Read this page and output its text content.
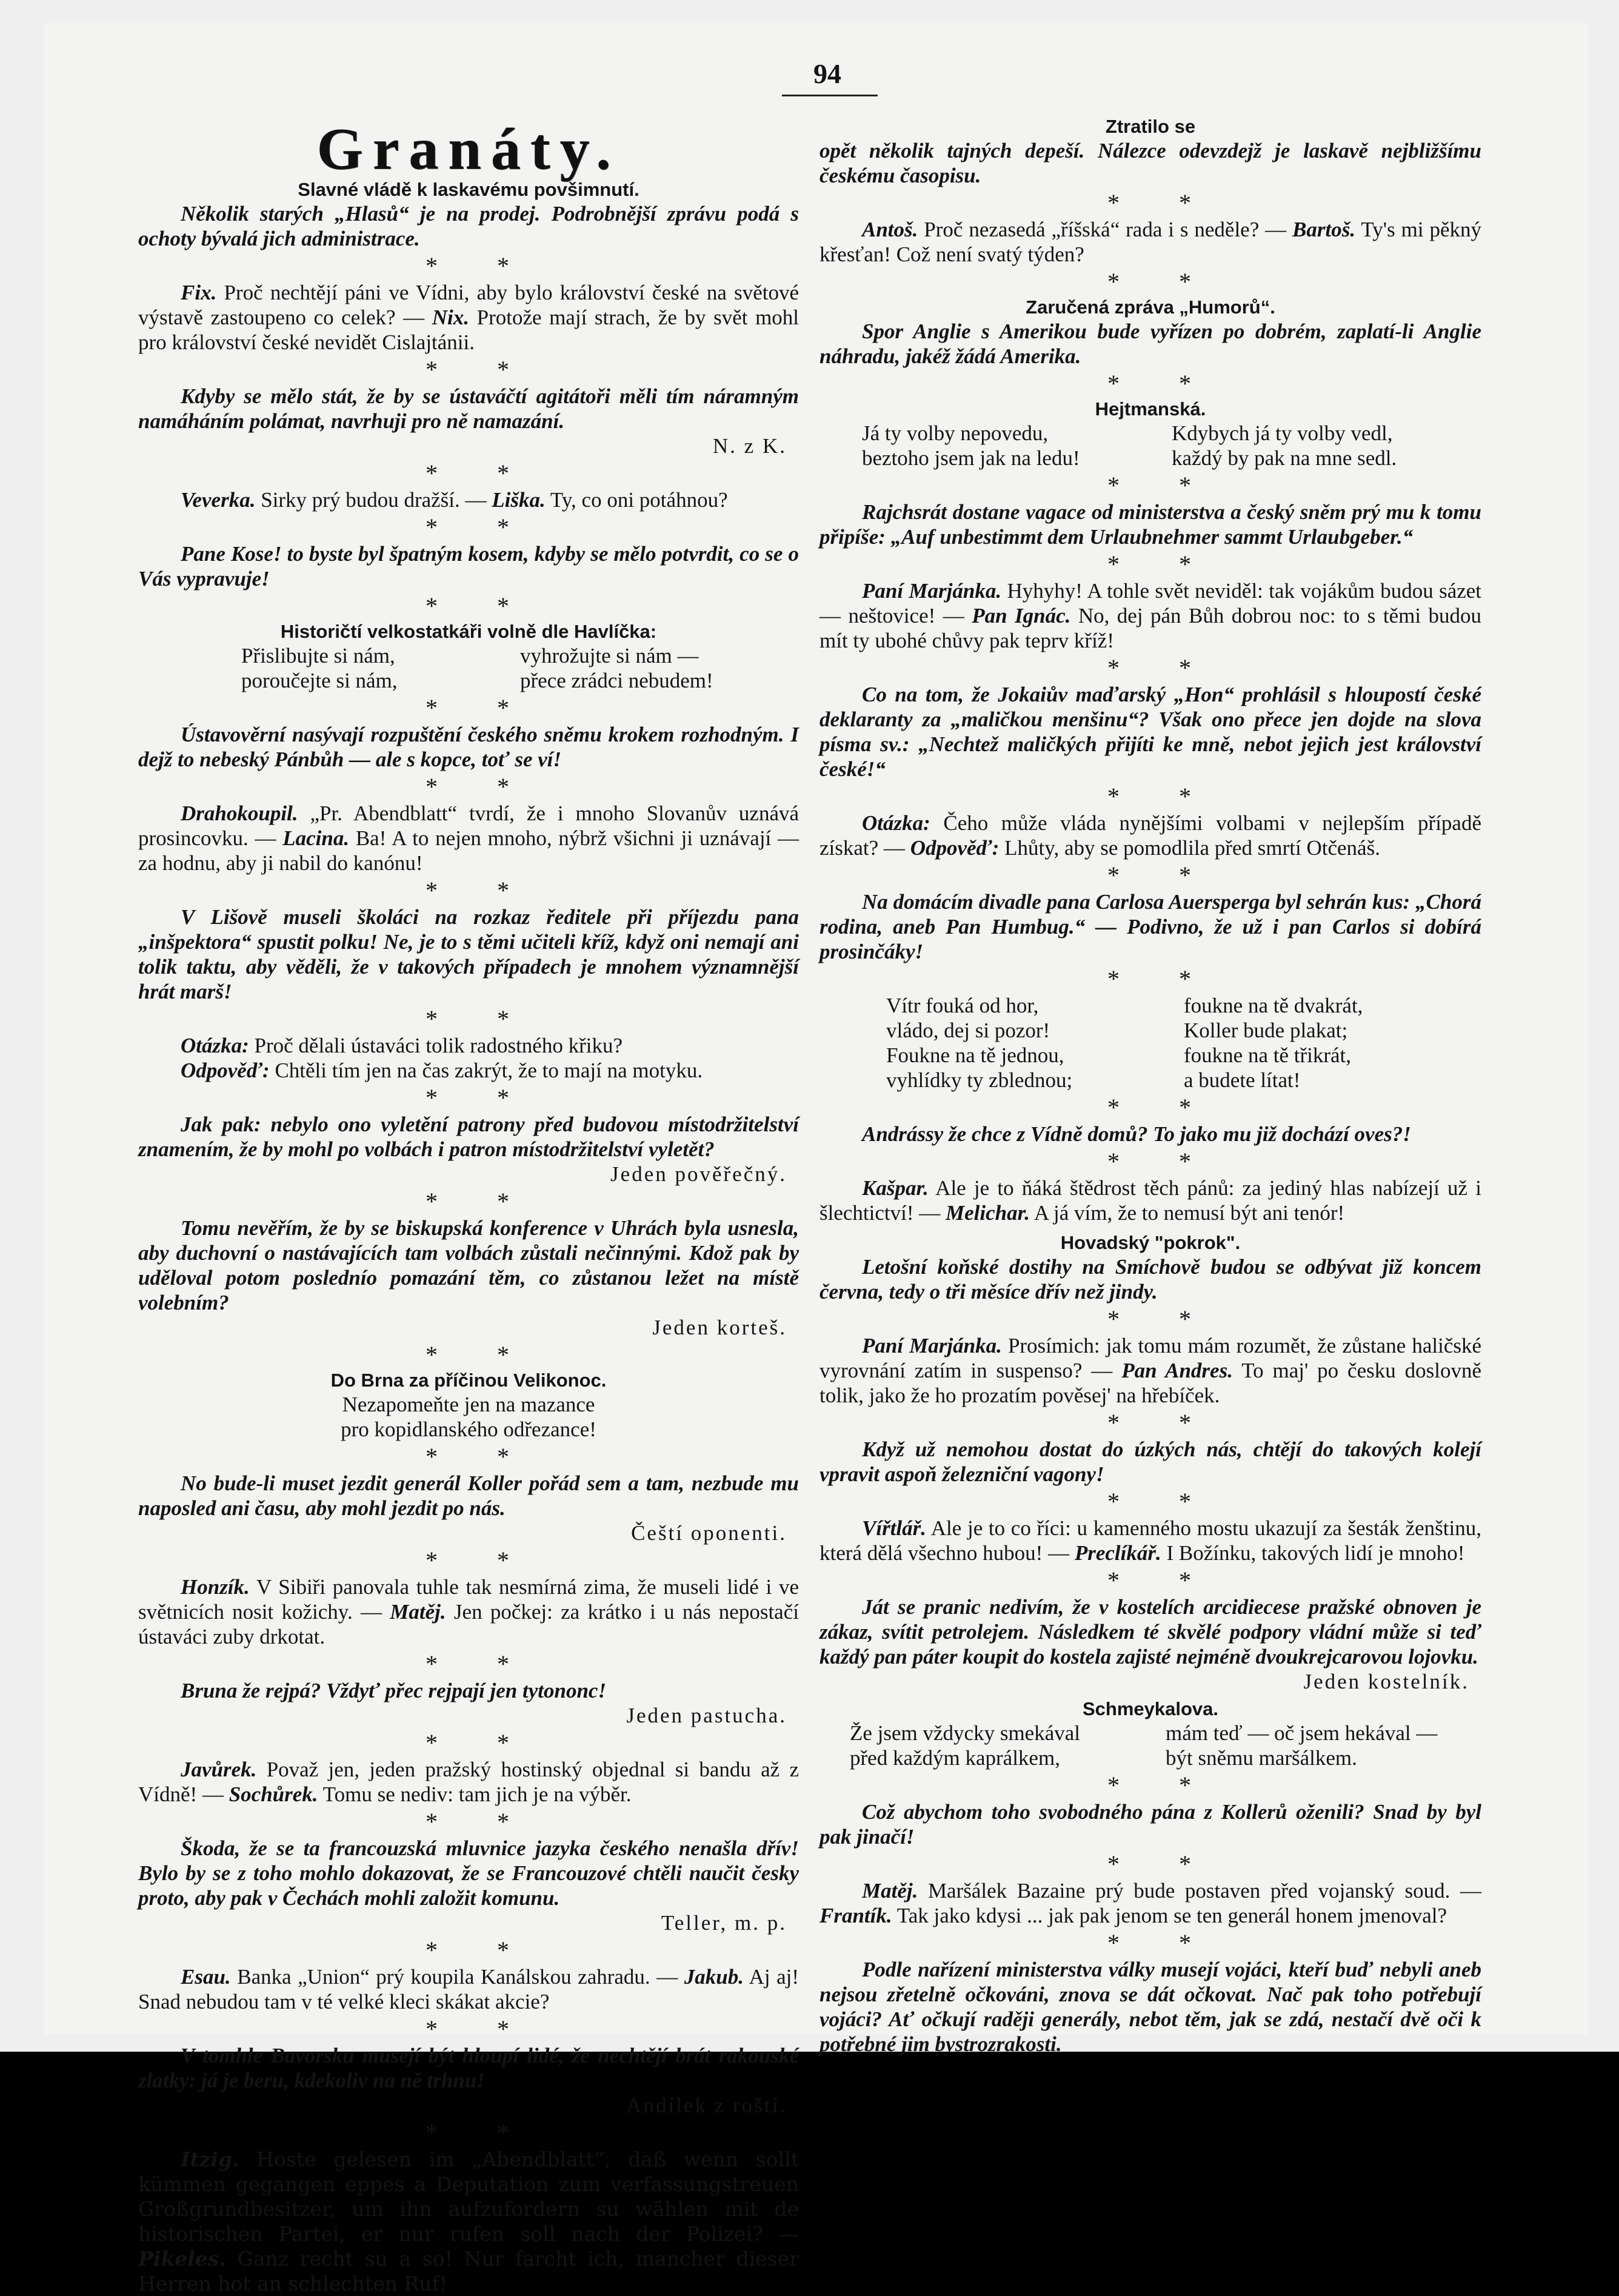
94
Granáty.

Slavné vládě k laskavému povšimnutí.

Několik starých „Hlasů“ je na prodej. Podrobnější zprávu podá s ochoty bývalá jich administrace.

* *

Fix. Proč nechtějí páni ve Vídni, aby bylo království české na světové výstavě zastoupeno co celek? — Nix. Protože mají strach, že by svět mohl pro království české nevidět Cislajtánii.

* *

Kdyby se mělo stát, že by se ústaváčtí agitátoři měli tím náramným namáháním polámat, navrhuji pro ně namazání.

N. z K.

* *

Veverka. Sirky prý budou dražší. — Liška. Ty, co oni potáhnou?

* *

Pane Kose! to byste byl špatným kosem, kdyby se mělo potvrdit, co se o Vás vypravuje!

* *

Historičtí velkostatkáři volně dle Havlíčka:

Přislibujte si nám,

poroučejte si nám,

vyhrožujte si nám —

přece zrádci nebudem!

* *

Ústavověrní nasývají rozpuštění českého sněmu krokem rozhodným. I dejž to nebeský Pánbůh — ale s kopce, toť se ví!

* *

Drahokoupil. „Pr. Abendblatt“ tvrdí, že i mnoho Slovanův uznává prosincovku. — Lacina. Ba! A to nejen mnoho, nýbrž všichni ji uznávají — za hodnu, aby ji nabil do kanónu!

* *

V Lišově museli školáci na rozkaz ředitele při příjezdu pana „inšpektora“ spustit polku! Ne, je to s těmi učiteli kříž, když oni nemají ani tolik taktu, aby věděli, že v takových případech je mnohem významnější hrát marš!

* *

Otázka: Proč dělali ústaváci tolik radostného křiku?

Odpověď: Chtěli tím jen na čas zakrýt, že to mají na motyku.

* *

Jak pak: nebylo ono vyletění patrony před budovou místodržitelství znamením, že by mohl po volbách i patron místodržitelství vyletět?

Jeden pověřečný.

* *

Tomu nevěřím, že by se biskupská konference v Uhrách byla usnesla, aby duchovní o nastávajících tam volbách zůstali nečinnými. Kdož pak by uděloval potom poslednío pomazání těm, co zůstanou ležet na místě volebním?

Jeden korteš.

* *

Do Brna za příčinou Velikonoc.

Nezapomeňte jen na mazance

pro kopidlanského odřezance!

* *

No bude-li muset jezdit generál Koller pořád sem a tam, nezbude mu naposled ani času, aby mohl jezdit po nás.

Čeští oponenti.

* *

Honzík. V Sibiři panovala tuhle tak nesmírná zima, že museli lidé i ve světnicích nosit kožichy. — Matěj. Jen počkej: za krátko i u nás nepostačí ústaváci zuby drkotat.

* *

Bruna že rejpá? Vždyť přec rejpají jen tytononc!

Jeden pastucha.

* *

Javůrek. Považ jen, jeden pražský hostinský objednal si bandu až z Vídně! — Sochůrek. Tomu se nediv: tam jich je na výběr.

* *

Škoda, že se ta francouzská mluvnice jazyka českého nenašla dřív! Bylo by se z toho mohlo dokazovat, že se Francouzové chtěli naučit česky proto, aby pak v Čechách mohli založit komunu.

Teller, m. p.

* *

Esau. Banka „Union“ prý koupila Kanálskou zahradu. — Jakub. Aj aj! Snad nebudou tam v té velké kleci skákat akcie?

* *

V tomhle Bavorsku musejí být hloupí lidé, že nechtějí brát rakouské zlatky: já je beru, kdekoliv na ně trhnu!

Andílek z roští.

* *

Itzig. Hoste gelesen im „Abendblatt“, daß wenn sollt kümmen gegangen eppes a Deputation zum verfassungstreuen Großgrundbesitzer, um ihn aufzufordern su wählen mit de historischen Partei, er nur rufen soll nach der Polizei? — Pikeles. Ganz recht su a so! Nur farcht ich, mancher dieser Herren hot an schlechten Ruf!

Ztratilo se

opět několik tajných depeší. Nálezce odevzdejž je laskavě nejbližšímu českému časopisu.

* *

Antoš. Proč nezasedá „říšská“ rada i s neděle? — Bartoš. Ty's mi pěkný křesťan! Což není svatý týden?

* *

Zaručená zpráva „Humorů“.

Spor Anglie s Amerikou bude vyřízen po dobrém, zaplatí-li Anglie náhradu, jakéž žádá Amerika.

* *

Hejtmanská.

Já ty volby nepovedu,

beztoho jsem jak na ledu!

Kdybych já ty volby vedl,

každý by pak na mne sedl.

* *

Rajchsrát dostane vagace od ministerstva a český sněm prý mu k tomu připíše: „Auf unbestimmt dem Urlaubnehmer sammt Urlaubgeber.“

* *

Paní Marjánka. Hyhyhy! A tohle svět neviděl: tak vojákům budou sázet — neštovice! — Pan Ignác. No, dej pán Bůh dobrou noc: to s těmi budou mít ty ubohé chůvy pak teprv kříž!

* *

Co na tom, že Jokaiův maďarský „Hon“ prohlásil s hloupostí české deklaranty za „maličkou menšinu“? Však ono přece jen dojde na slova písma sv.: „Nechtež maličkých přijíti ke mně, nebot jejich jest království české!“

* *

Otázka: Čeho může vláda nynějšími volbami v nejlepším případě získat? — Odpověď: Lhůty, aby se pomodlila před smrtí Otčenáš.

* *

Na domácím divadle pana Carlosa Auersperga byl sehrán kus: „Chorá rodina, aneb Pan Humbug.“ — Podivno, že už i pan Carlos si dobírá prosinčáky!

* *

Vítr fouká od hor,

vládo, dej si pozor!

Foukne na tě jednou,

vyhlídky ty zblednou;

foukne na tě dvakrát,

Koller bude plakat;

foukne na tě třikrát,

a budete lítat!

* *

Andrássy že chce z Vídně domů? To jako mu již dochází oves?!

* *

Kašpar. Ale je to ňáká štědrost těch pánů: za jediný hlas nabízejí už i šlechtictví! — Melichar. A já vím, že to nemusí být ani tenór!

Hovadský "pokrok".

Letošní koňské dostihy na Smíchově budou se odbývat již koncem června, tedy o tři měsíce dřív než jindy.

* *

Paní Marjánka. Prosímich: jak tomu mám rozumět, že zůstane haličské vyrovnání zatím in suspenso? — Pan Andres. To maj' po česku doslovně tolik, jako že ho prozatím pověsej' na hřebíček.

* *

Když už nemohou dostat do úzkých nás, chtějí do takových kolejí vpravit aspoň železniční vagony!

* *

Vířtlář. Ale je to co říci: u kamenného mostu ukazují za šesták ženštinu, která dělá všechno hubou! — Preclíkář. I Božínku, takových lidí je mnoho!

* *

Ját se pranic nedivím, že v kostelích arcidiecese pražské obnoven je zákaz, svítit petrolejem. Následkem té skvělé podpory vládní může si teď každý pan páter koupit do kostela zajisté nejméně dvoukrejcarovou lojovku.

Jeden kostelník.

Schmeykalova.

Že jsem vždycky smekával

před každým kaprálkem,

mám teď — oč jsem hekával —

být sněmu maršálkem.

* *

Což abychom toho svobodného pána z Kollerů oženili? Snad by byl pak jinačí!

* *

Matěj. Maršálek Bazaine prý bude postaven před vojanský soud. — Frantík. Tak jako kdysi ... jak pak jenom se ten generál honem jmenoval?

* *

Podle nařízení ministerstva války musejí vojáci, kteří buď nebyli aneb nejsou zřetelně očkováni, znova se dát očkovat. Nač pak toho potřebují vojáci? Ať očkují raději generály, nebot těm, jak se zdá, nestačí dvě oči k potřebné jim bystrozrakosti.
